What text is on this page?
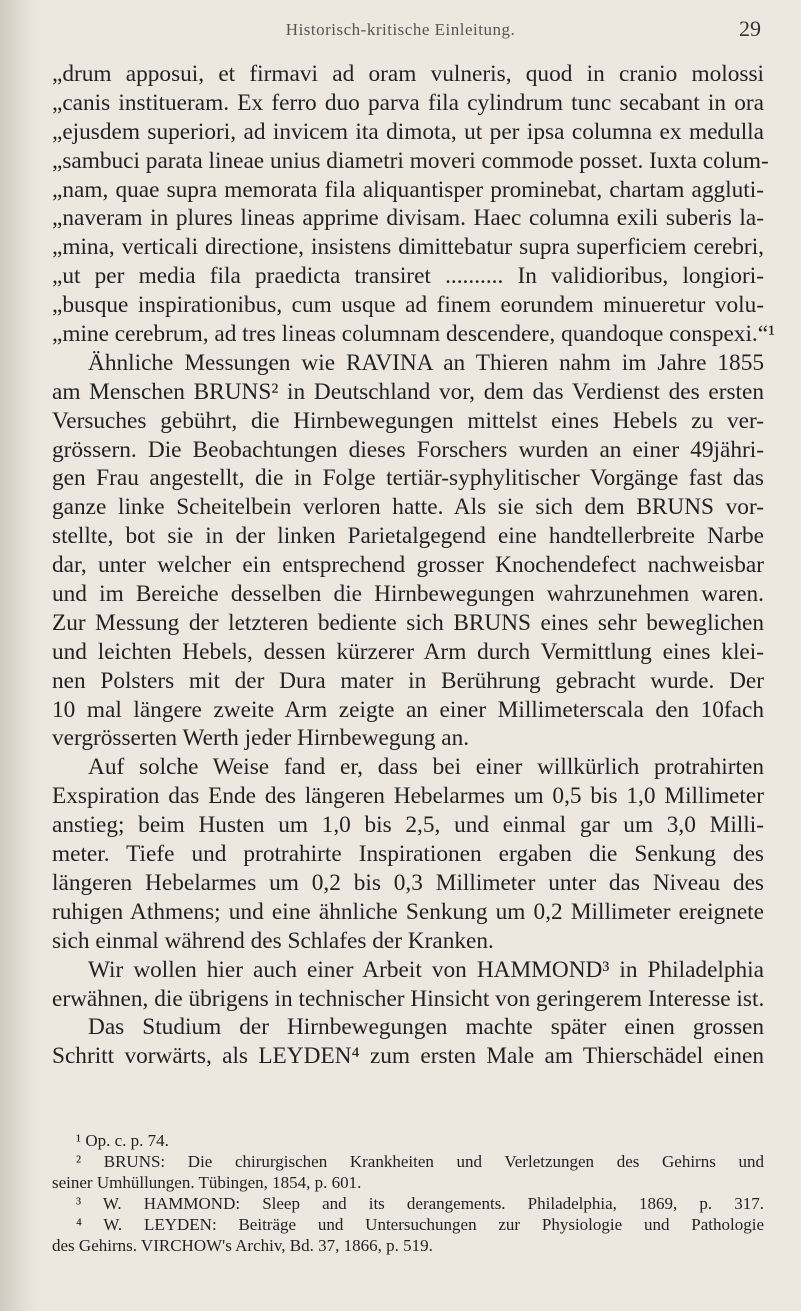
Historisch-kritische Einleitung.	29
„drum apposui, et firmavi ad oram vulneris, quod in cranio molossi
„canis institueram. Ex ferro duo parva fila cylindrum tunc secabant in ora
„ejusdem superiori, ad invicem ita dimota, ut per ipsa columna ex medulla
„sambuci parata lineae unius diametri moveri commode posset. Iuxta colum-
„nam, quae supra memorata fila aliquantisper prominebat, chartam aggluti-
„naveram in plures lineas apprime divisam. Haec columna exili suberis la-
„mina, verticali directione, insistens dimittebatur supra superficiem cerebri,
„ut per media fila praedicta transiret .......... In validioribus, longiori-
„busque inspirationibus, cum usque ad finem eorundem minueretur volu-
„mine cerebrum, ad tres lineas columnam descendere, quandoque conspexi.“¹
Ähnliche Messungen wie RAVINA an Thieren nahm im Jahre 1855
am Menschen BRUNS² in Deutschland vor, dem das Verdienst des ersten
Versuches gebührt, die Hirnbewegungen mittelst eines Hebels zu ver-
grössern. Die Beobachtungen dieses Forschers wurden an einer 49jähri-
gen Frau angestellt, die in Folge tertiär-syphylitischer Vorgänge fast das
ganze linke Scheitelbein verloren hatte. Als sie sich dem BRUNS vor-
stellte, bot sie in der linken Parietalgegend eine handtellerbreite Narbe
dar, unter welcher ein entsprechend grosser Knochendefect nachweisbar
und im Bereiche desselben die Hirnbewegungen wahrzunehmen waren.
Zur Messung der letzteren bediente sich BRUNS eines sehr beweglichen
und leichten Hebels, dessen kürzerer Arm durch Vermittlung eines klei-
nen Polsters mit der Dura mater in Berührung gebracht wurde. Der
10 mal längere zweite Arm zeigte an einer Millimeterscala den 10fach
vergrösserten Werth jeder Hirnbewegung an.
Auf solche Weise fand er, dass bei einer willkürlich protrahirten
Exspiration das Ende des längeren Hebelarmes um 0,5 bis 1,0 Millimeter
anstieg; beim Husten um 1,0 bis 2,5, und einmal gar um 3,0 Milli-
meter. Tiefe und protrahirte Inspirationen ergaben die Senkung des
längeren Hebelarmes um 0,2 bis 0,3 Millimeter unter das Niveau des
ruhigen Athmens; und eine ähnliche Senkung um 0,2 Millimeter ereignete
sich einmal während des Schlafes der Kranken.
Wir wollen hier auch einer Arbeit von HAMMOND³ in Philadelphia
erwähnen, die übrigens in technischer Hinsicht von geringerem Interesse ist.
Das Studium der Hirnbewegungen machte später einen grossen
Schritt vorwärts, als LEYDEN⁴ zum ersten Male am Thierschädel einen
¹ Op. c. p. 74.
² BRUNS: Die chirurgischen Krankheiten und Verletzungen des Gehirns und
seiner Umhüllungen. Tübingen, 1854, p. 601.
³ W. HAMMOND: Sleep and its derangements. Philadelphia, 1869, p. 317.
⁴ W. LEYDEN: Beiträge und Untersuchungen zur Physiologie und Pathologie
des Gehirns. VIRCHOW's Archiv, Bd. 37, 1866, p. 519.
